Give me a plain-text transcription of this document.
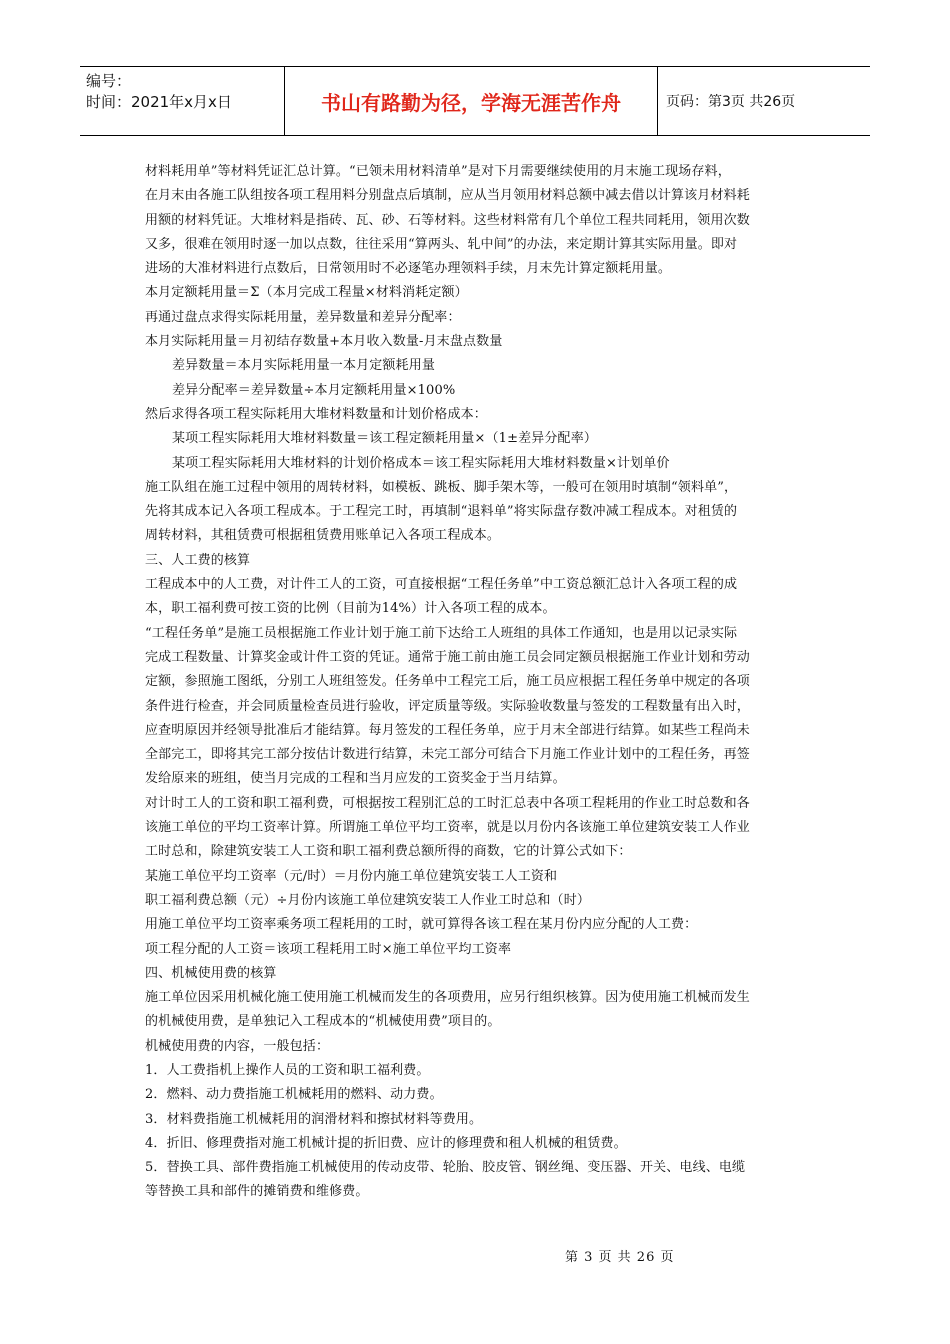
编号：
时间：2021年x月x日	书山有路勤为径，学海无涯苦作舟	页码：第3页 共26页

材料耗用单”等材料凭证汇总计算。“已领未用材料清单”是对下月需要继续使用的月末施工现场存料，

在月末由各施工队组按各项工程用料分别盘点后填制，应从当月领用材料总额中减去借以计算该月材料耗

用额的材料凭证。大堆材料是指砖、瓦、砂、石等材料。这些材料常有几个单位工程共同耗用，领用次数

又多，很难在领用时逐一加以点数，往往采用“算两头、轧中间”的办法，来定期计算其实际用量。即对

进场的大准材料进行点数后，日常领用时不必逐笔办理领料手续，月末先计算定额耗用量。

本月定额耗用量＝Σ（本月完成工程量×材料消耗定额）

再通过盘点求得实际耗用量，差异数量和差异分配率：

本月实际耗用量＝月初结存数量+本月收入数量-月末盘点数量

差异数量＝本月实际耗用量一本月定额耗用量

差异分配率＝差异数量÷本月定额耗用量×100%

然后求得各项工程实际耗用大堆材料数量和计划价格成本：

某项工程实际耗用大堆材料数量＝该工程定额耗用量×（1±差异分配率）

某项工程实际耗用大堆材料的计划价格成本＝该工程实际耗用大堆材料数量×计划单价

施工队组在施工过程中领用的周转材料，如模板、跳板、脚手架木等，一般可在领用时填制“领料单”，

先将其成本记入各项工程成本。于工程完工时，再填制“退料单”将实际盘存数冲减工程成本。对租赁的

周转材料，其租赁费可根据租赁费用账单记入各项工程成本。

三、人工费的核算

工程成本中的人工费，对计件工人的工资，可直接根据“工程任务单”中工资总额汇总计入各项工程的成

本，职工福利费可按工资的比例（目前为14%）计入各项工程的成本。

“工程任务单”是施工员根据施工作业计划于施工前下达给工人班组的具体工作通知，也是用以记录实际

完成工程数量、计算奖金或计件工资的凭证。通常于施工前由施工员会同定额员根据施工作业计划和劳动

定额，参照施工图纸，分别工人班组签发。任务单中工程完工后，施工员应根据工程任务单中规定的各项

条件进行检查，并会同质量检查员进行验收，评定质量等级。实际验收数量与签发的工程数量有出入时，

应查明原因并经领导批准后才能结算。每月签发的工程任务单，应于月末全部进行结算。如某些工程尚未

全部完工，即将其完工部分按估计数进行结算，未完工部分可结合下月施工作业计划中的工程任务，再签

发给原来的班组，使当月完成的工程和当月应发的工资奖金于当月结算。

对计时工人的工资和职工福利费，可根据按工程别汇总的工时汇总表中各项工程耗用的作业工时总数和各

该施工单位的平均工资率计算。所谓施工单位平均工资率，就是以月份内各该施工单位建筑安装工人作业

工时总和，除建筑安装工人工资和职工福利费总额所得的商数，它的计算公式如下：

某施工单位平均工资率（元/时）＝月份内施工单位建筑安装工人工资和

职工福利费总额（元）÷月份内该施工单位建筑安装工人作业工时总和（时）

用施工单位平均工资率乘务项工程耗用的工时，就可算得各该工程在某月份内应分配的人工费：

项工程分配的人工资＝该项工程耗用工时×施工单位平均工资率

四、机械使用费的核算

施工单位因采用机械化施工使用施工机械而发生的各项费用，应另行组织核算。因为使用施工机械而发生

的机械使用费，是单独记入工程成本的“机械使用费”项目的。

机械使用费的内容，一般包括：

1．人工费指机上操作人员的工资和职工福利费。

2．燃料、动力费指施工机械耗用的燃料、动力费。

3．材料费指施工机械耗用的润滑材料和擦拭材料等费用。

4．折旧、修理费指对施工机械计提的折旧费、应计的修理费和租人机械的租赁费。

5．替换工具、部件费指施工机械使用的传动皮带、轮胎、胶皮管、钢丝绳、变压器、开关、电线、电缆

等替换工具和部件的摊销费和维修费。

第 3 页 共 26 页
